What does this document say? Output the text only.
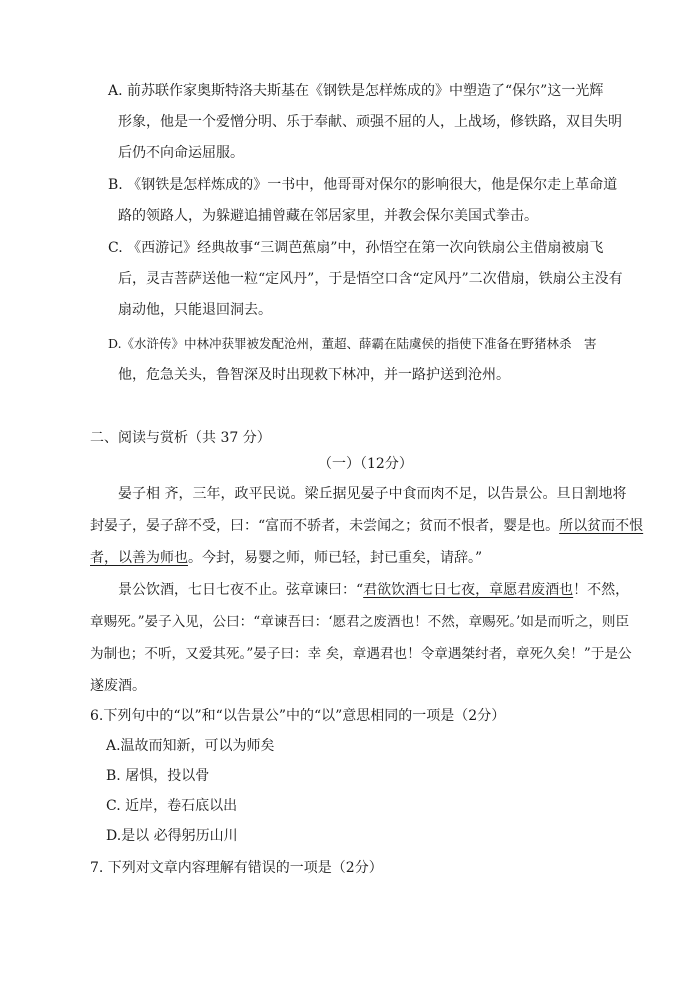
A. 前苏联作家奥斯特洛夫斯基在《钢铁是怎样炼成的》中塑造了“保尔”这一光辉
形象，他是一个爱憎分明、乐于奉献、顽强不屈的人，上战场，修铁路，双目失明
后仍不向命运屈服。
B. 《钢铁是怎样炼成的》一书中，他哥哥对保尔的影响很大，他是保尔走上革命道
路的领路人，为躲避追捕曾藏在邻居家里，并教会保尔美国式拳击。
C. 《西游记》经典故事“三调芭蕉扇”中，孙悟空在第一次向铁扇公主借扇被扇飞
后，灵吉菩萨送他一粒“定风丹”，于是悟空口含“定风丹”二次借扇，铁扇公主没有
扇动他，只能退回洞去。
D.《水浒传》中林冲获罪被发配沧州，董超、薛霸在陆虞侯的指使下准备在野猪林杀　害
他，危急关头，鲁智深及时出现救下林冲，并一路护送到沧州。
二、阅读与赏析（共 37 分）
（一）（12分）
晏子相 齐，三年，政平民说。梁丘据见晏子中食而肉不足，以告景公。旦日割地将
封晏子，晏子辞不受，曰：“富而不骄者，未尝闻之；贫而不恨者，婴是也。所以贫而不恨
者，以善为师也。今封，易婴之师，师已轻，封已重矣，请辞。”
景公饮酒，七日七夜不止。弦章谏曰：“君欲饮酒七日七夜，章愿君废酒也！不然，
章赐死。”晏子入见，公曰：“章谏吾曰：‘愿君之废酒也！不然，章赐死。’如是而听之，则臣
为制也；不听，又爱其死。”晏子曰：幸 矣，章遇君也！令章遇桀纣者，章死久矣！”于是公
遂废酒。
6.下列句中的“以”和“以告景公”中的“以”意思相同的一项是（2分）
A.温故而知新，可以为师矣
B. 屠惧，投以骨
C. 近岸，卷石底以出
D.是以 必得躬历山川
7. 下列对文章内容理解有错误的一项是（2分）
